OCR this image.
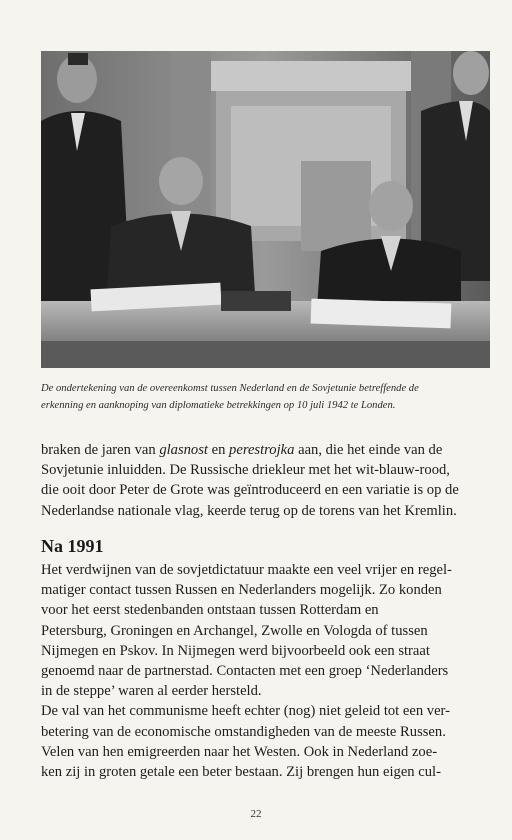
De ondertekening van de overeenkomst tussen Nederland en de Sovjetunie betreffende de
erkenning en aanknoping van diplomatieke betrekkingen op 10 juli 1942 te Londen.
braken de jaren van glasnost en perestrojka aan, die het einde van de
Sovjetunie inluidden. De Russische driekleur met het wit-blauw-rood,
die ooit door Peter de Grote was geïntroduceerd en een variatie is op de
Nederlandse nationale vlag, keerde terug op de torens van het Kremlin.
Na 1991
Het verdwijnen van de sovjetdictatuur maakte een veel vrijer en regel-
matiger contact tussen Russen en Nederlanders mogelijk. Zo konden
voor het eerst stedenbanden ontstaan tussen Rotterdam en
Petersburg, Groningen en Archangel, Zwolle en Vologda of tussen
Nijmegen en Pskov. In Nijmegen werd bijvoorbeeld ook een straat
genoemd naar de partnerstad. Contacten met een groep ‘Nederlanders
in de steppe’ waren al eerder hersteld.
De val van het communisme heeft echter (nog) niet geleid tot een ver-
betering van de economische omstandigheden van de meeste Russen.
Velen van hen emigreerden naar het Westen. Ook in Nederland zoe-
ken zij in groten getale een beter bestaan. Zij brengen hun eigen cul-
22
